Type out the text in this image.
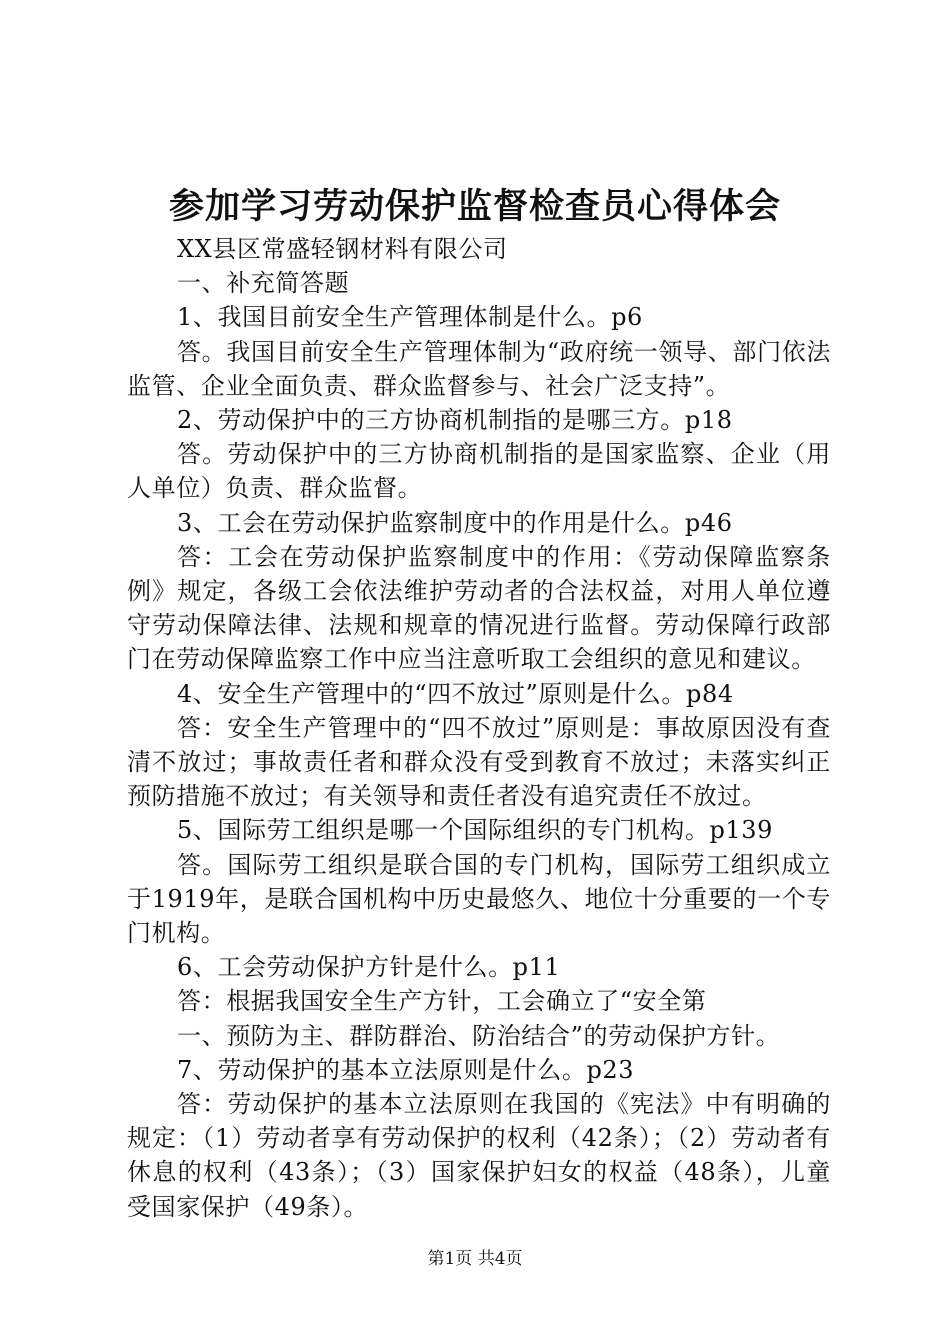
参加学习劳动保护监督检查员心得体会

XX县区常盛轻钢材料有限公司

一、补充简答题

1、我国目前安全生产管理体制是什么。p6

答。我国目前安全生产管理体制为“政府统一领导、部门依法监管、企业全面负责、群众监督参与、社会广泛支持”。

2、劳动保护中的三方协商机制指的是哪三方。p18

答。劳动保护中的三方协商机制指的是国家监察、企业（用人单位）负责、群众监督。

3、工会在劳动保护监察制度中的作用是什么。p46

答：工会在劳动保护监察制度中的作用：《劳动保障监察条例》规定，各级工会依法维护劳动者的合法权益，对用人单位遵守劳动保障法律、法规和规章的情况进行监督。劳动保障行政部门在劳动保障监察工作中应当注意听取工会组织的意见和建议。

4、安全生产管理中的“四不放过”原则是什么。p84

答：安全生产管理中的“四不放过”原则是：事故原因没有查清不放过；事故责任者和群众没有受到教育不放过；未落实纠正预防措施不放过；有关领导和责任者没有追究责任不放过。

5、国际劳工组织是哪一个国际组织的专门机构。p139

答。国际劳工组织是联合国的专门机构，国际劳工组织成立于1919年，是联合国机构中历史最悠久、地位十分重要的一个专门机构。

6、工会劳动保护方针是什么。p11

答：根据我国安全生产方针，工会确立了“安全第

一、预防为主、群防群治、防治结合”的劳动保护方针。

7、劳动保护的基本立法原则是什么。p23

答：劳动保护的基本立法原则在我国的《宪法》中有明确的规定：（1）劳动者享有劳动保护的权利（42条）；（2）劳动者有休息的权利（43条）；（3）国家保护妇女的权益（48条），儿童受国家保护（49条）。

第1页 共4页
